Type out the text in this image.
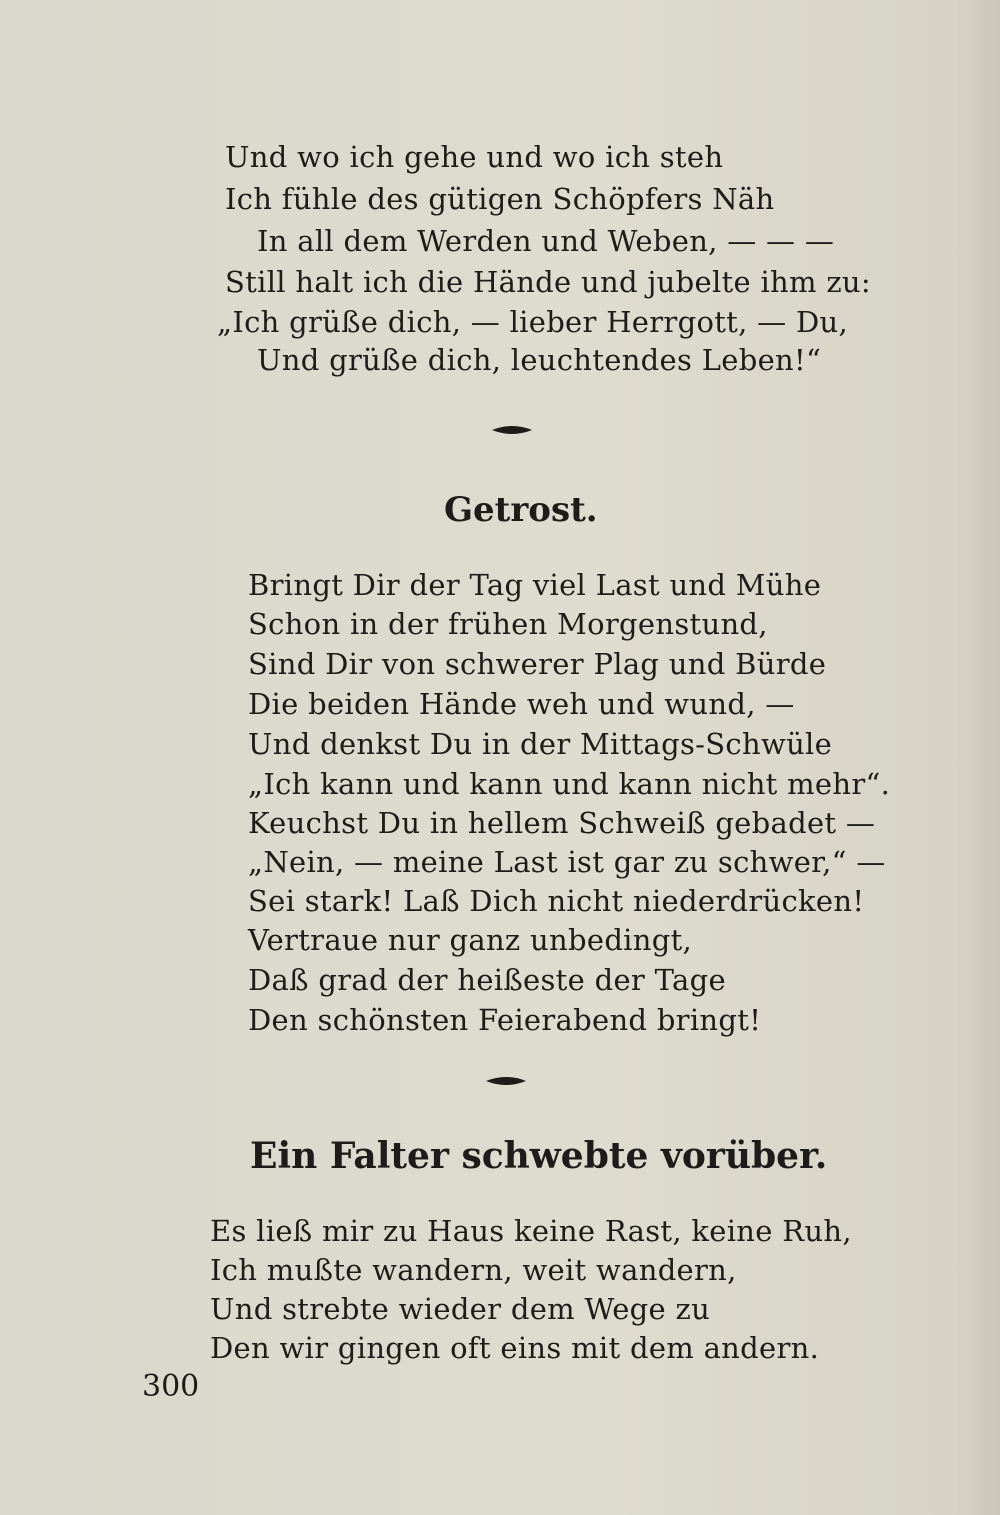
Und wo ich gehe und wo ich steh
Ich fühle des gütigen Schöpfers Näh
In all dem Werden und Weben, — — —
Still halt ich die Hände und jubelte ihm zu:
„Ich grüße dich, — lieber Herrgott, — Du,
Und grüße dich, leuchtendes Leben!“
Getrost.
Bringt Dir der Tag viel Last und Mühe
Schon in der frühen Morgenstund,
Sind Dir von schwerer Plag und Bürde
Die beiden Hände weh und wund, —
Und denkst Du in der Mittags-Schwüle
„Ich kann und kann und kann nicht mehr“.
Keuchst Du in hellem Schweiß gebadet —
„Nein, — meine Last ist gar zu schwer,“ —
Sei stark! Laß Dich nicht niederdrücken!
Vertraue nur ganz unbedingt,
Daß grad der heißeste der Tage
Den schönsten Feierabend bringt!
Ein Falter schwebte vorüber.
Es ließ mir zu Haus keine Rast, keine Ruh,
Ich mußte wandern, weit wandern,
Und strebte wieder dem Wege zu
Den wir gingen oft eins mit dem andern.
300
